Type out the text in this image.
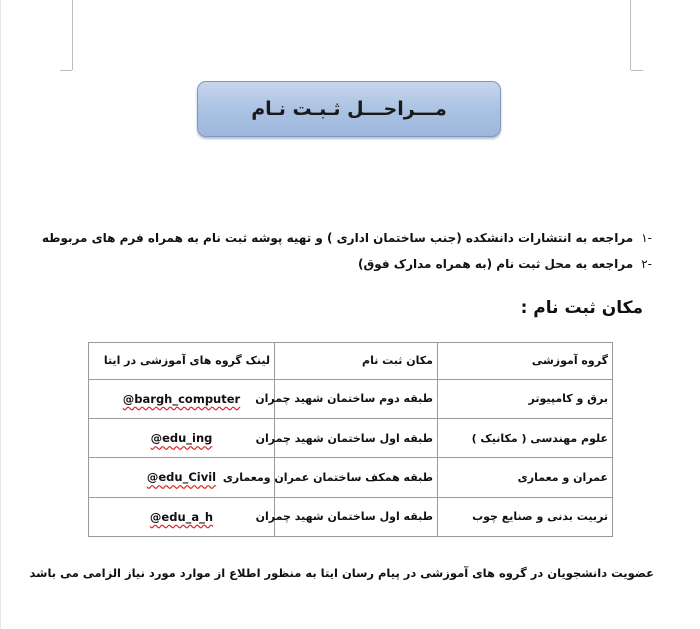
مـــراحـــل ثـبـت نـام
-۱مراجعه به انتشارات دانشکده (جنب ساختمان اداری ) و تهیه پوشه ثبت نام به همراه فرم های مربوطه
-۲مراجعه به محل ثبت نام (به همراه مدارک فوق)
مکان ثبت نام :
گروه آموزشی	مکان ثبت نام	لینک گروه های آموزشی در ایتا
برق و کامپیوتر	طبقه دوم ساختمان شهید چمران	@bargh_computer
علوم مهندسی ( مکانیک )	طبقه اول ساختمان شهید چمران	@edu_ing
عمران و معماری	طبقه همکف ساختمان عمران ومعماری	@edu_Civil
تربیت بدنی و صنایع چوب	طبقه اول ساختمان شهید چمران	@edu_a_h
عضویت دانشجویان در گروه های آموزشی در پیام رسان ایتا به منظور اطلاع از موارد مورد نیاز الزامی می باشد
